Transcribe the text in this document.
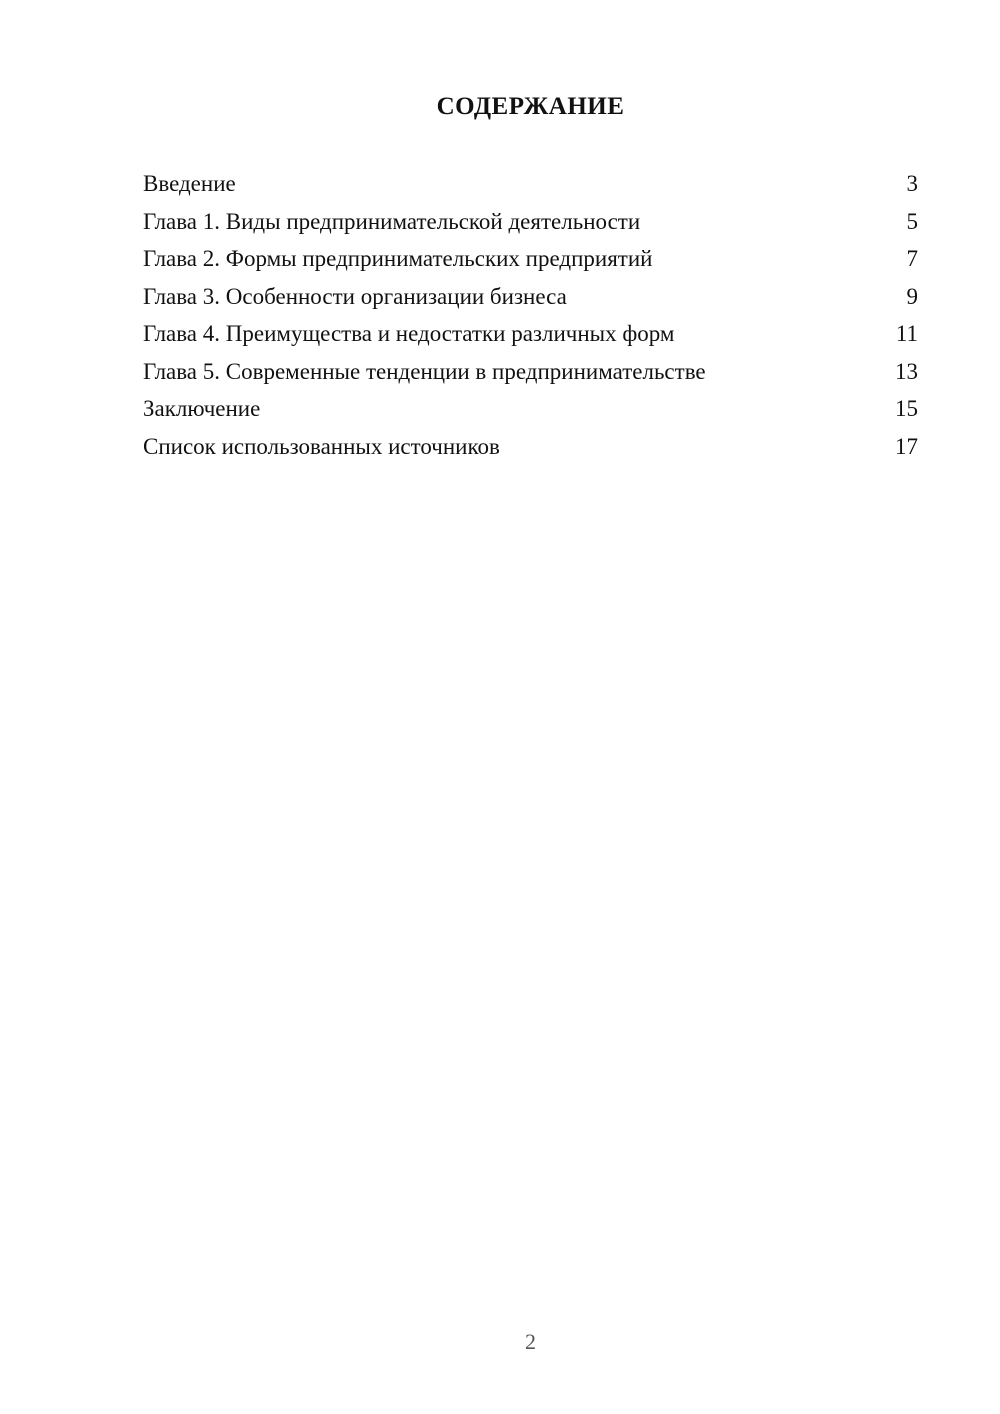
СОДЕРЖАНИЕ
Введение	3
Глава 1. Виды предпринимательской деятельности	5
Глава 2. Формы предпринимательских предприятий	7
Глава 3. Особенности организации бизнеса	9
Глава 4. Преимущества и недостатки различных форм	11
Глава 5. Современные тенденции в предпринимательстве	13
Заключение	15
Список использованных источников	17
2
